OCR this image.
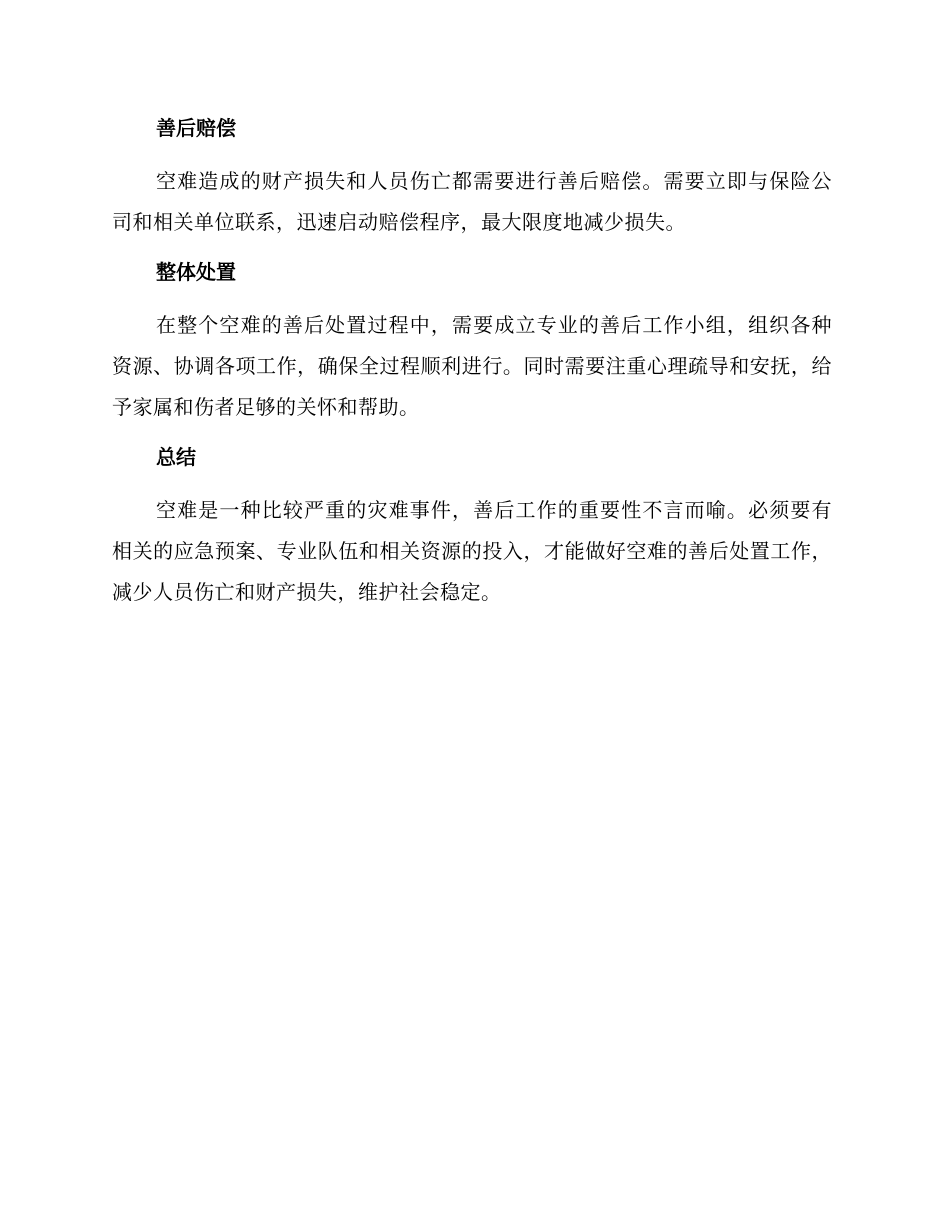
善后赔偿

空难造成的财产损失和人员伤亡都需要进行善后赔偿。需要立即与保险公司和相关单位联系，迅速启动赔偿程序，最大限度地减少损失。

整体处置

在整个空难的善后处置过程中，需要成立专业的善后工作小组，组织各种资源、协调各项工作，确保全过程顺利进行。同时需要注重心理疏导和安抚，给予家属和伤者足够的关怀和帮助。

总结

空难是一种比较严重的灾难事件，善后工作的重要性不言而喻。必须要有相关的应急预案、专业队伍和相关资源的投入，才能做好空难的善后处置工作，减少人员伤亡和财产损失，维护社会稳定。
